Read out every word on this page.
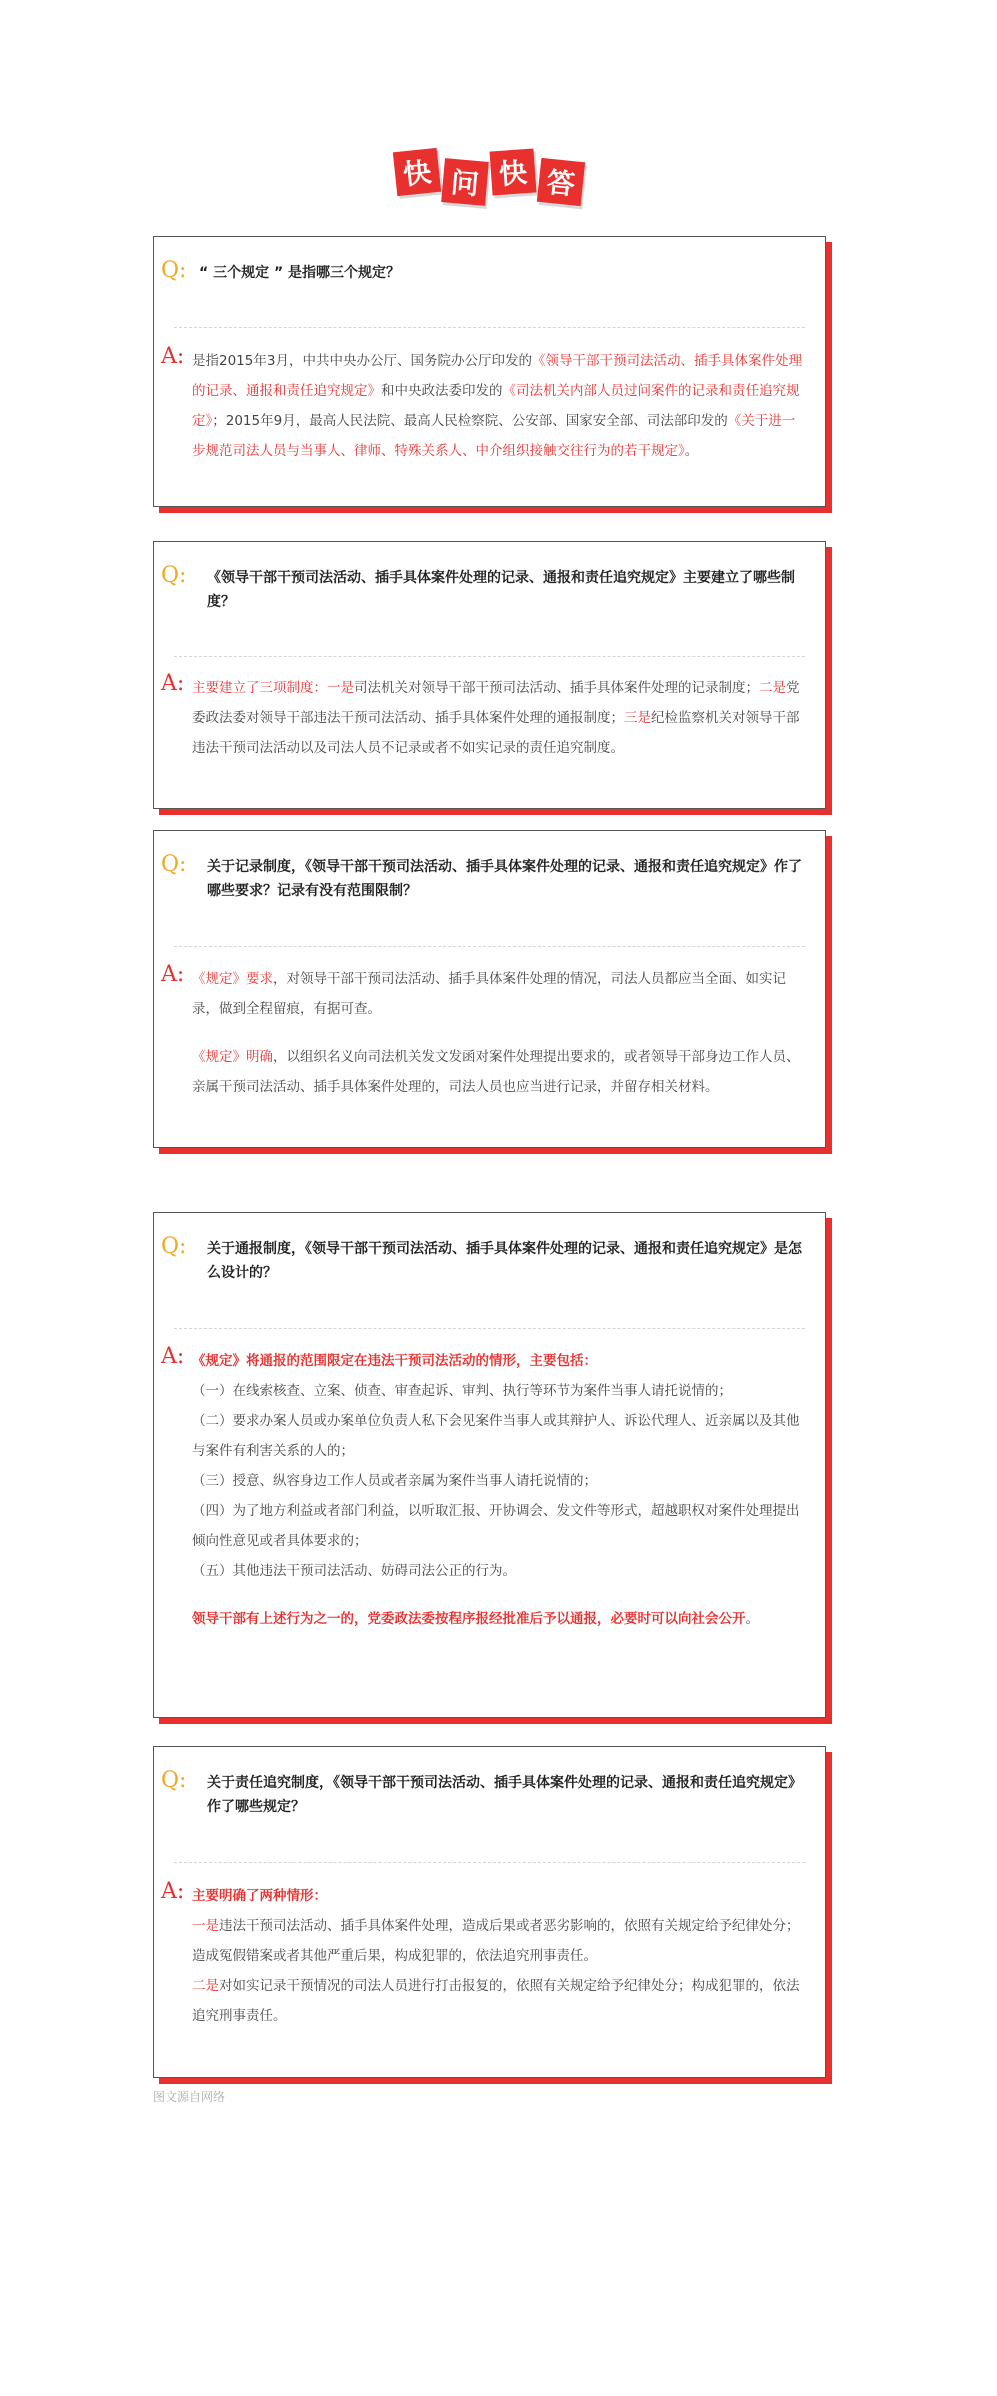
快 问 快 答
Q: “ 三个规定 ” 是指哪三个规定？
A: 是指2015年3月，中共中央办公厅、国务院办公厅印发的《领导干部干预司法活动、插手具体案件处理的记录、通报和责任追究规定》和中央政法委印发的《司法机关内部人员过问案件的记录和责任追究规定》；2015年9月，最高人民法院、最高人民检察院、公安部、国家安全部、司法部印发的《关于进一步规范司法人员与当事人、律师、特殊关系人、中介组织接触交往行为的若干规定》。

Q: 《领导干部干预司法活动、插手具体案件处理的记录、通报和责任追究规定》主要建立了哪些制度？
A: 主要建立了三项制度：一是司法机关对领导干部干预司法活动、插手具体案件处理的记录制度；二是党委政法委对领导干部违法干预司法活动、插手具体案件处理的通报制度；三是纪检监察机关对领导干部违法干预司法活动以及司法人员不记录或者不如实记录的责任追究制度。

Q: 关于记录制度，《领导干部干预司法活动、插手具体案件处理的记录、通报和责任追究规定》作了哪些要求？记录有没有范围限制？
A: 《规定》要求，对领导干部干预司法活动、插手具体案件处理的情况，司法人员都应当全面、如实记录，做到全程留痕，有据可查。

《规定》明确，以组织名义向司法机关发文发函对案件处理提出要求的，或者领导干部身边工作人员、亲属干预司法活动、插手具体案件处理的，司法人员也应当进行记录，并留存相关材料。

Q: 关于通报制度，《领导干部干预司法活动、插手具体案件处理的记录、通报和责任追究规定》是怎么设计的？
A: 《规定》将通报的范围限定在违法干预司法活动的情形，主要包括：

（一）在线索核查、立案、侦查、审查起诉、审判、执行等环节为案件当事人请托说情的；

（二）要求办案人员或办案单位负责人私下会见案件当事人或其辩护人、诉讼代理人、近亲属以及其他与案件有利害关系的人的；

（三）授意、纵容身边工作人员或者亲属为案件当事人请托说情的；

（四）为了地方利益或者部门利益，以听取汇报、开协调会、发文件等形式，超越职权对案件处理提出倾向性意见或者具体要求的；

（五）其他违法干预司法活动、妨碍司法公正的行为。

领导干部有上述行为之一的，党委政法委按程序报经批准后予以通报，必要时可以向社会公开。

Q: 关于责任追究制度，《领导干部干预司法活动、插手具体案件处理的记录、通报和责任追究规定》作了哪些规定？
A: 主要明确了两种情形：

一是违法干预司法活动、插手具体案件处理，造成后果或者恶劣影响的，依照有关规定给予纪律处分；造成冤假错案或者其他严重后果，构成犯罪的，依法追究刑事责任。

二是对如实记录干预情况的司法人员进行打击报复的，依照有关规定给予纪律处分；构成犯罪的，依法追究刑事责任。

图文源自网络
